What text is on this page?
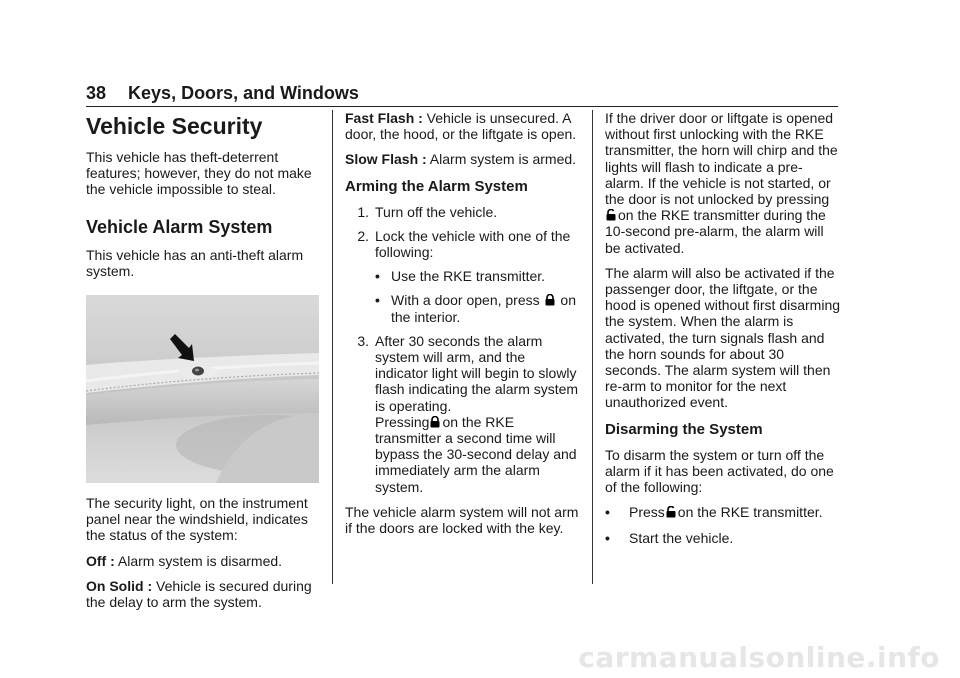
38 Keys, Doors, and Windows
Vehicle Security

This vehicle has theft-deterrent features; however, they do not make the vehicle impossible to steal.

Vehicle Alarm System

This vehicle has an anti-theft alarm system.

The security light, on the instrument panel near the windshield, indicates the status of the system:

Off : Alarm system is disarmed.

On Solid : Vehicle is secured during the delay to arm the system.

Fast Flash : Vehicle is unsecured. A door, the hood, or the liftgate is open.

Slow Flash : Alarm system is armed.

Arming the Alarm System
1. Turn off the vehicle.
2. Lock the vehicle with one of the following:
• Use the RKE transmitter.
• With a door open, press on the interior.
3. After 30 seconds the alarm system will arm, and the indicator light will begin to slowly flash indicating the alarm system is operating.
Pressing on the RKE transmitter a second time will bypass the 30-second delay and immediately arm the alarm system.

The vehicle alarm system will not arm if the doors are locked with the key.

If the driver door or liftgate is opened without first unlocking with the RKE transmitter, the horn will chirp and the lights will flash to indicate a pre-alarm. If the vehicle is not started, or the door is not unlocked by pressing
on the RKE transmitter during the 10-second pre-alarm, the alarm will be activated.

The alarm will also be activated if the passenger door, the liftgate, or the hood is opened without first disarming the system. When the alarm is activated, the turn signals flash and the horn sounds for about 30 seconds. The alarm system will then re-arm to monitor for the next unauthorized event.

Disarming the System

To disarm the system or turn off the alarm if it has been activated, do one of the following:

•	Press on the RKE transmitter.
•	Start the vehicle.
carmanualsonline.info
